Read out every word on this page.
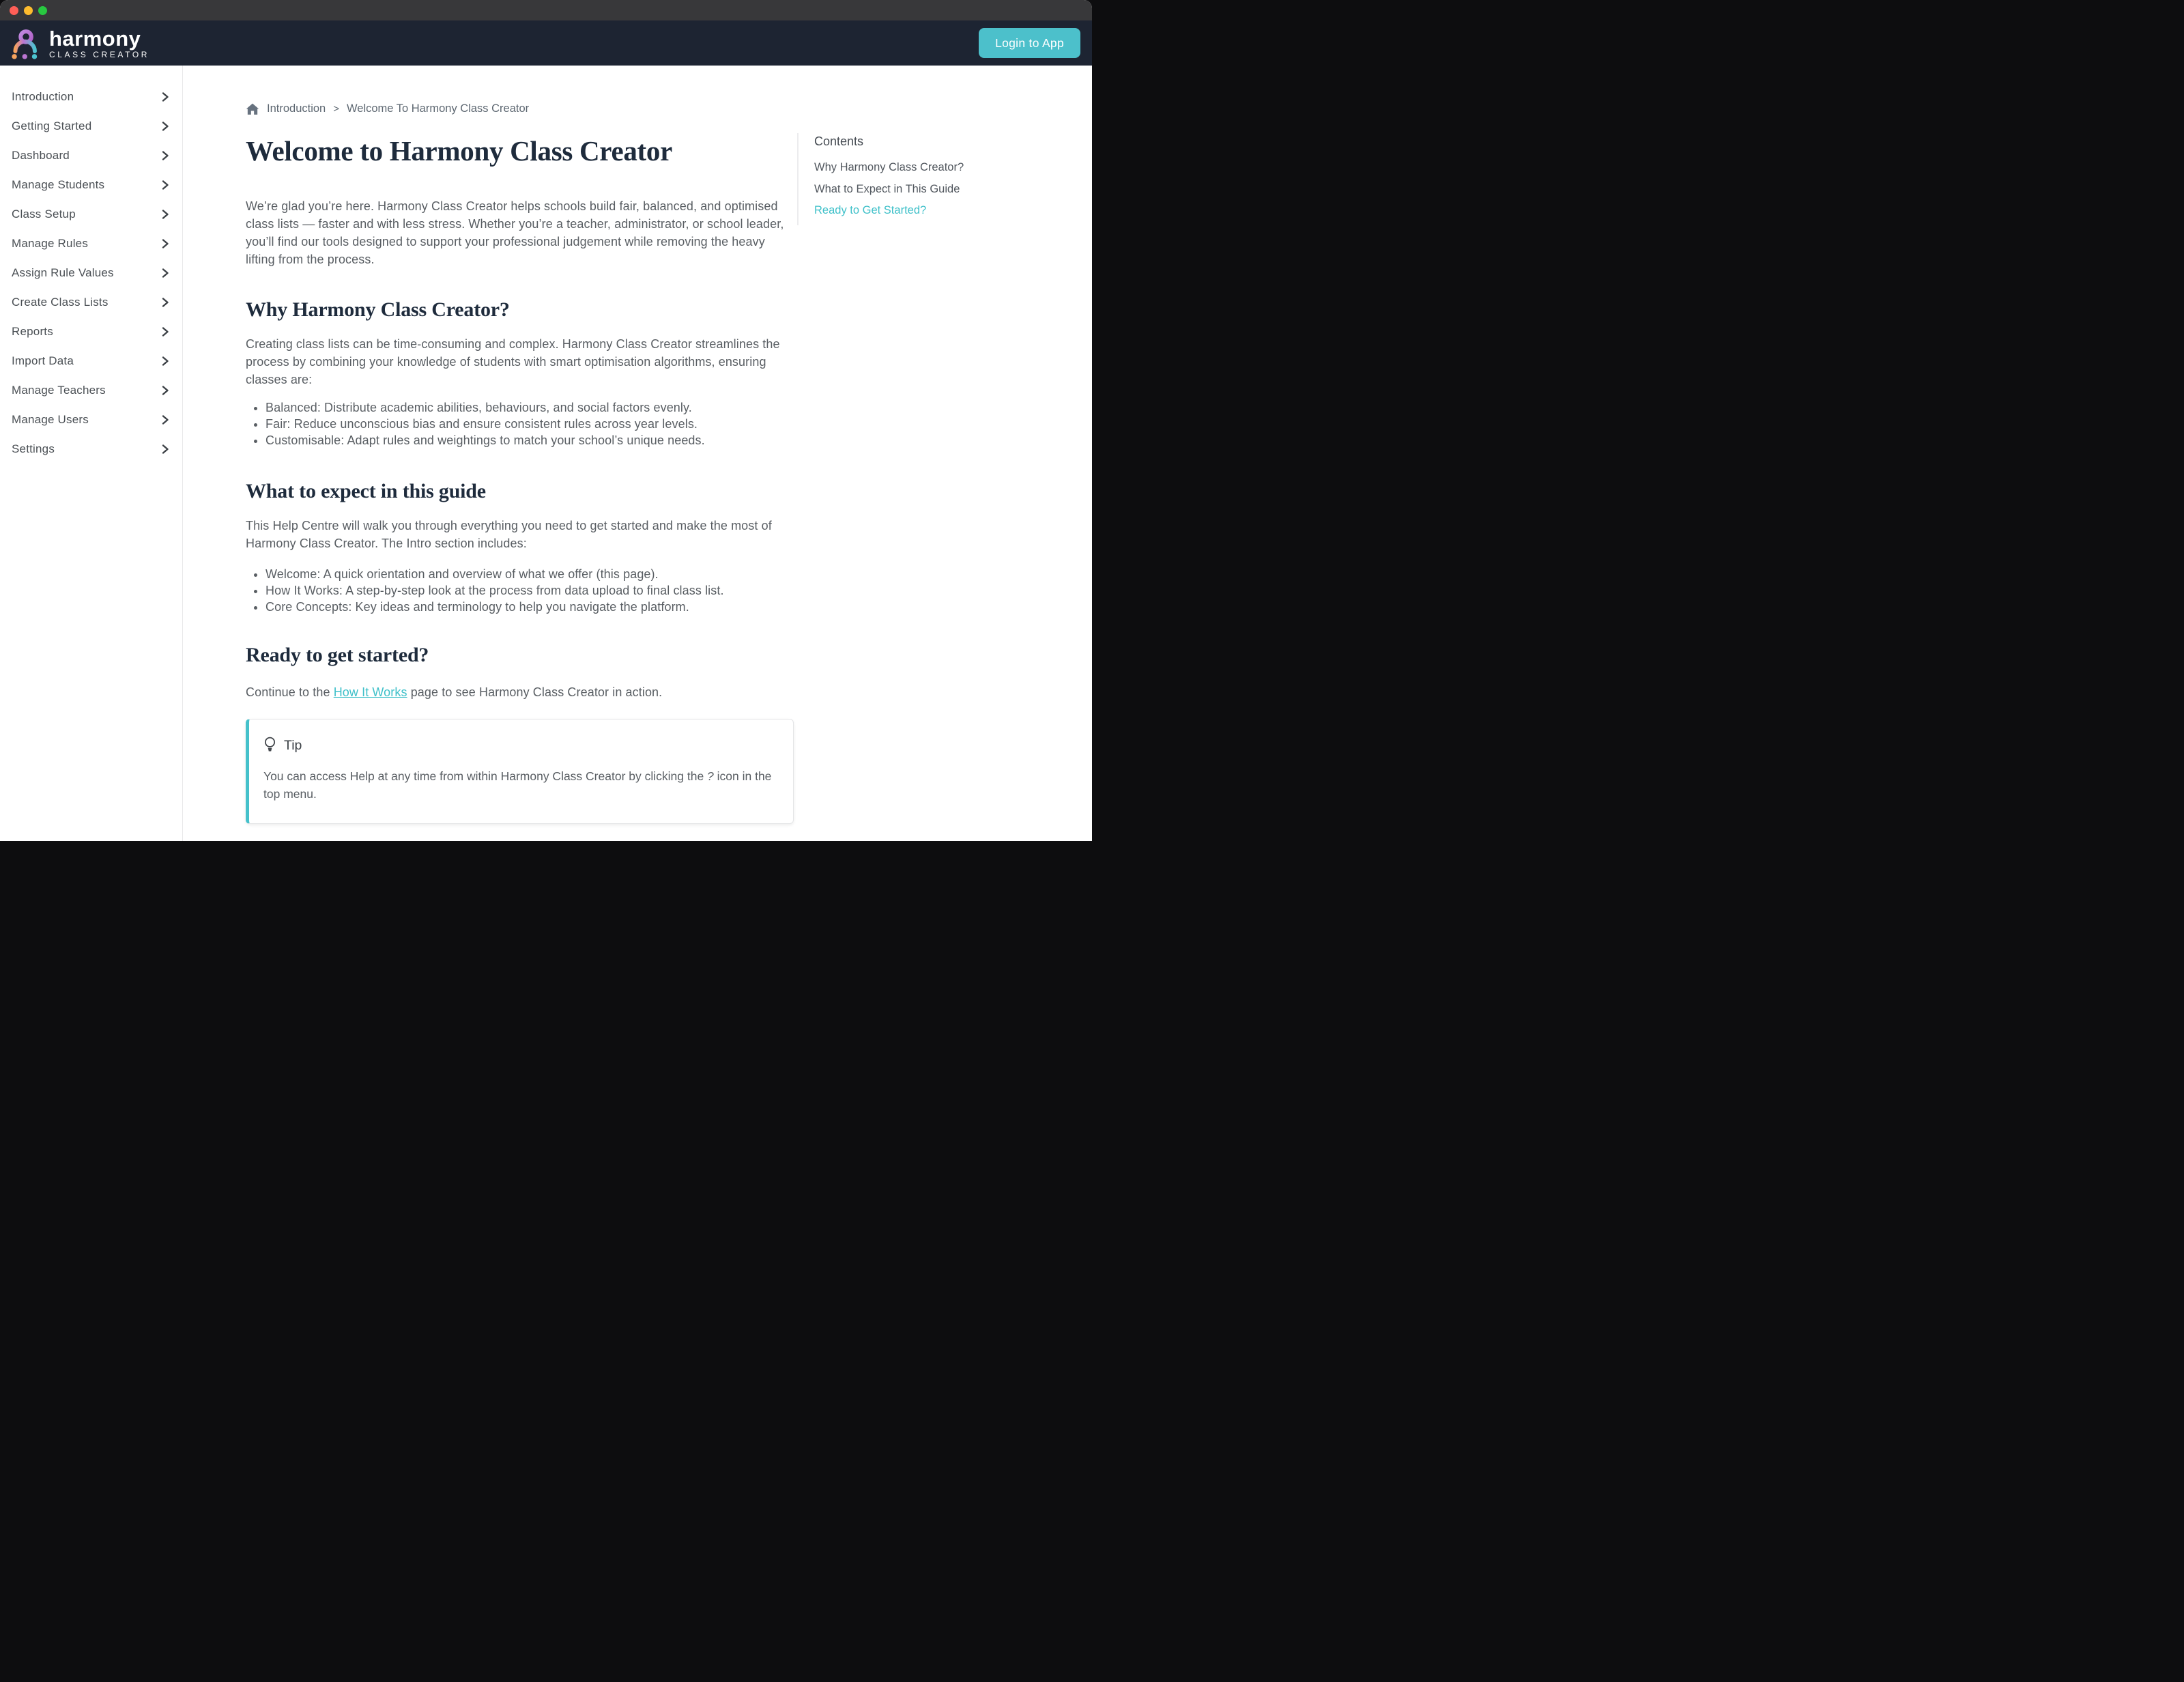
harmony
CLASS CREATOR
Login to App
Introduction
Getting Started
Dashboard
Manage Students
Class Setup
Manage Rules
Assign Rule Values
Create Class Lists
Reports
Import Data
Manage Teachers
Manage Users
Settings
Introduction > Welcome To Harmony Class Creator
Welcome to Harmony Class Creator

We’re glad you’re here. Harmony Class Creator helps schools build fair, balanced, and optimised class lists — faster and with less stress. Whether you’re a teacher, administrator, or school leader, you’ll find our tools designed to support your professional judgement while removing the heavy lifting from the process.

Why Harmony Class Creator?

Creating class lists can be time-consuming and complex. Harmony Class Creator streamlines the process by combining your knowledge of students with smart optimisation algorithms, ensuring classes are:

• Balanced: Distribute academic abilities, behaviours, and social factors evenly.
• Fair: Reduce unconscious bias and ensure consistent rules across year levels.
• Customisable: Adapt rules and weightings to match your school’s unique needs.
What to expect in this guide

This Help Centre will walk you through everything you need to get started and make the most of Harmony Class Creator. The Intro section includes:

• Welcome: A quick orientation and overview of what we offer (this page).
• How It Works: A step-by-step look at the process from data upload to final class list.
• Core Concepts: Key ideas and terminology to help you navigate the platform.
Ready to get started?

Continue to the How It Works page to see Harmony Class Creator in action.

Tip

You can access Help at any time from within Harmony Class Creator by clicking the ? icon in the top menu.

Contents
Why Harmony Class Creator?
What to Expect in This Guide
Ready to Get Started?
